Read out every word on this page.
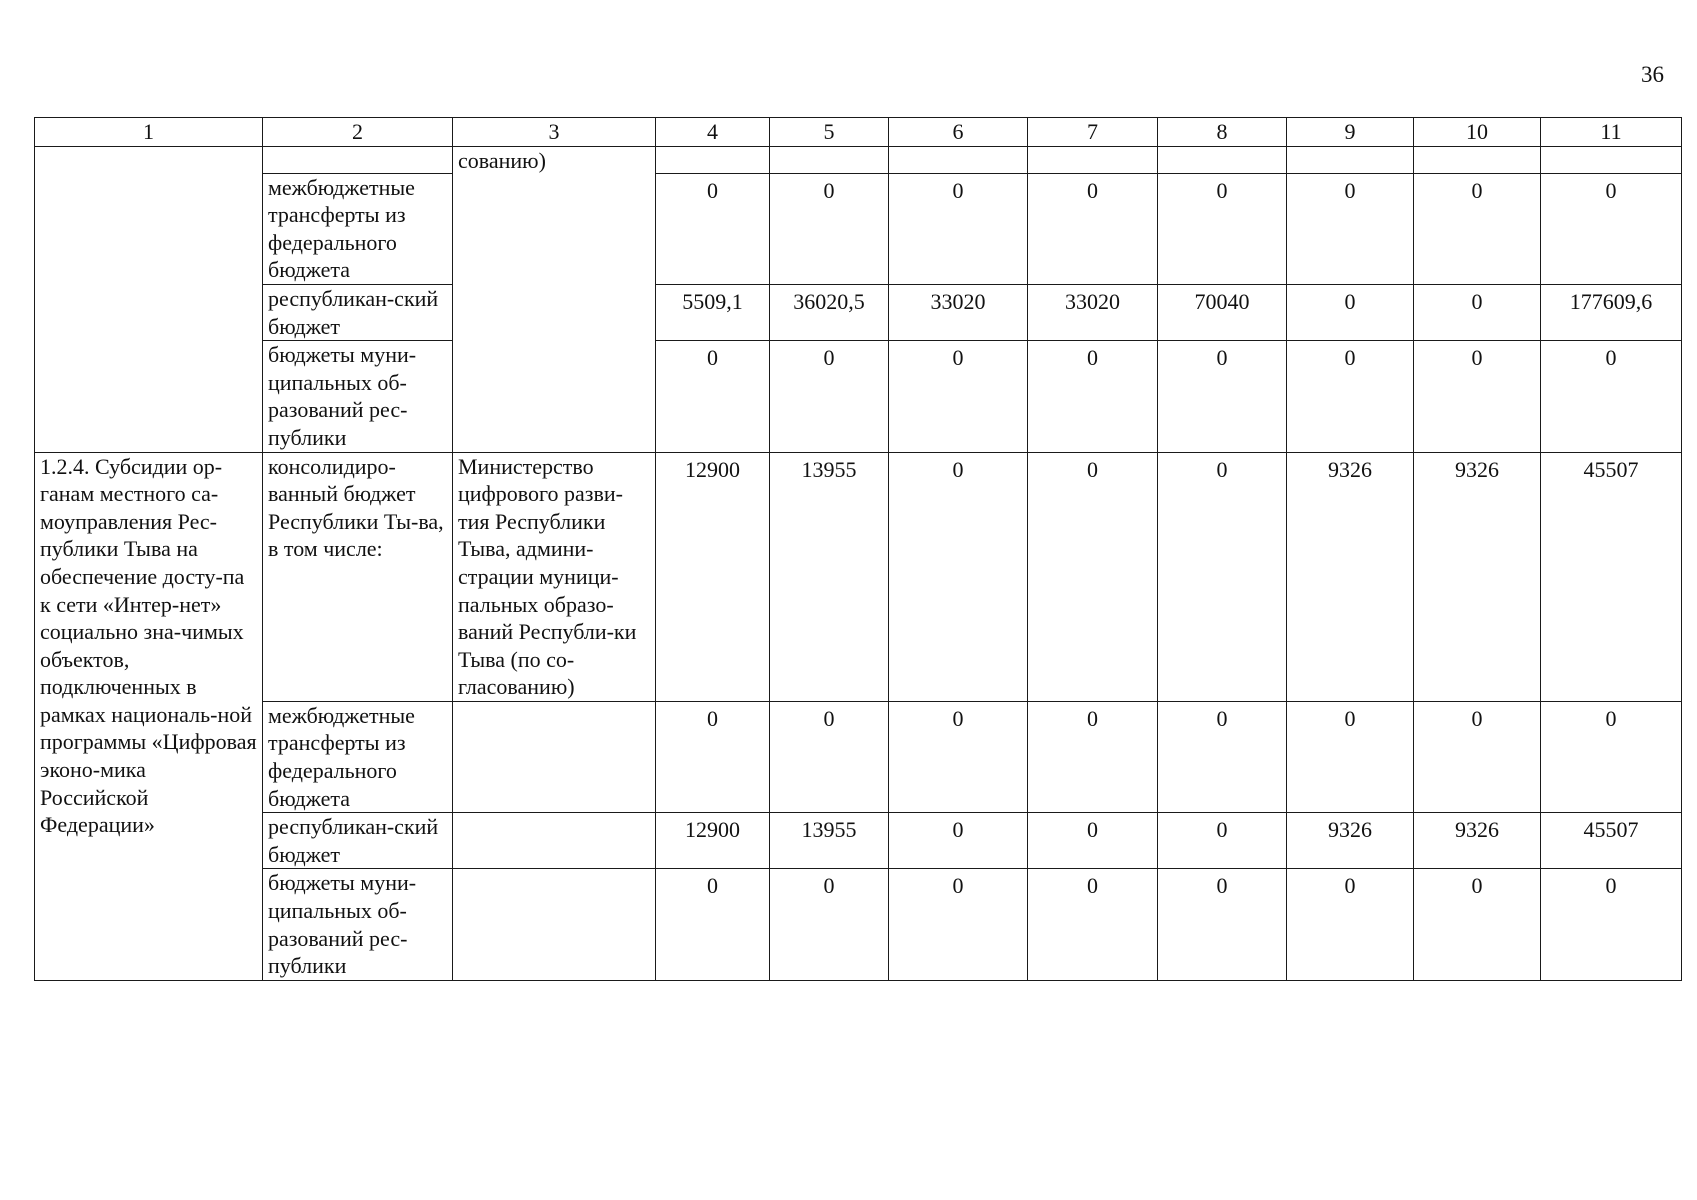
36
1	2	3	4	5	6	7	8	9	10	11
		сованию)								
	межбюджетные трансферты из федерального бюджета		0	0	0	0	0	0	0	0
	республикан-ский бюджет		5509,1	36020,5	33020	33020	70040	0	0	177609,6
	бюджеты муни-ципальных об-разований рес-публики		0	0	0	0	0	0	0	0
1.2.4. Субсидии ор-ганам местного са-моуправления Рес-публики Тыва на обеспечение досту-па к сети «Интер-нет» социально зна-чимых объектов, подключенных в рамках националь-ной программы «Цифровая эконо-мика Российской Федерации»	консолидиро-ванный бюджет Республики Ты-ва, в том числе:	Министерство цифрового разви-тия Республики Тыва, админи-страции муници-пальных образо-ваний Республи-ки Тыва (по со-гласованию)	12900	13955	0	0	0	9326	9326	45507
	межбюджетные трансферты из федерального бюджета		0	0	0	0	0	0	0	0
	республикан-ский бюджет		12900	13955	0	0	0	9326	9326	45507
	бюджеты муни-ципальных об-разований рес-публики		0	0	0	0	0	0	0	0
